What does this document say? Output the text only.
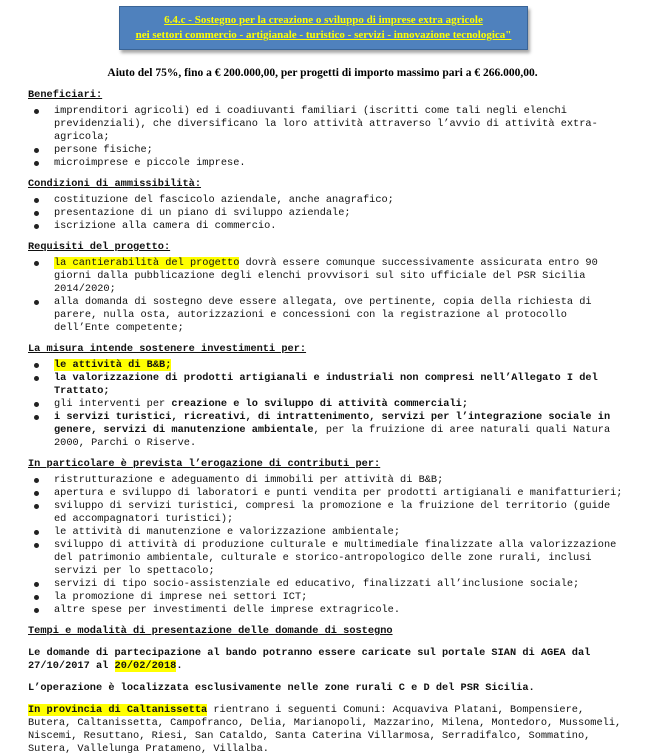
6.4.c - Sostegno per la creazione o sviluppo di imprese extra agricole
nei settori commercio - artigianale - turistico - servizi - innovazione tecnologica"
Aiuto del 75%, fino a € 200.000,00, per progetti di importo massimo pari a € 266.000,00.

Beneficiari:

imprenditori agricoli) ed i coadiuvanti familiari (iscritti come tali negli elenchi previdenziali), che diversificano la loro attività attraverso l’avvio di attività extra-agricola;
persone fisiche;
microimprese e piccole imprese.

Condizioni di ammissibilità:

costituzione del fascicolo aziendale, anche anagrafico;
presentazione di un piano di sviluppo aziendale;
iscrizione alla camera di commercio.

Requisiti del progetto:

la cantierabilità del progetto dovrà essere comunque successivamente assicurata entro 90 giorni dalla pubblicazione degli elenchi provvisori sul sito ufficiale del PSR Sicilia 2014/2020;
alla domanda di sostegno deve essere allegata, ove pertinente, copia della richiesta di parere, nulla osta, autorizzazioni e concessioni con la registrazione al protocollo dell’Ente competente;

La misura intende sostenere investimenti per:

le attività di B&B;
la valorizzazione di prodotti artigianali e industriali non compresi nell’Allegato I del Trattato;
gli interventi per creazione e lo sviluppo di attività commerciali;
i servizi turistici, ricreativi, di intrattenimento, servizi per l’integrazione sociale in genere, servizi di manutenzione ambientale, per la fruizione di aree naturali quali Natura 2000, Parchi o Riserve.

In particolare è prevista l’erogazione di contributi per:

ristrutturazione e adeguamento di immobili per attività di B&B;
apertura e sviluppo di laboratori e punti vendita per prodotti artigianali e manifatturieri;
sviluppo di servizi turistici, compresi la promozione e la fruizione del territorio (guide ed accompagnatori turistici);
le attività di manutenzione e valorizzazione ambientale;
sviluppo di attività di produzione culturale e multimediale finalizzate alla valorizzazione del patrimonio ambientale, culturale e storico-antropologico delle zone rurali, inclusi servizi per lo spettacolo;
servizi di tipo socio-assistenziale ed educativo, finalizzati all’inclusione sociale;
la promozione di imprese nei settori ICT;
altre spese per investimenti delle imprese extragricole.

Tempi e modalità di presentazione delle domande di sostegno

Le domande di partecipazione al bando potranno essere caricate sul portale SIAN di AGEA dal 27/10/2017 al 20/02/2018.

L’operazione è localizzata esclusivamente nelle zone rurali C e D del PSR Sicilia.

In provincia di Caltanissetta rientrano i seguenti Comuni: Acquaviva Platani, Bompensiere, Butera, Caltanissetta, Campofranco, Delia, Marianopoli, Mazzarino, Milena, Montedoro, Mussomeli, Niscemi, Resuttano, Riesi, San Cataldo, Santa Caterina Villarmosa, Serradifalco, Sommatino, Sutera, Vallelunga Pratameno, Villalba.
